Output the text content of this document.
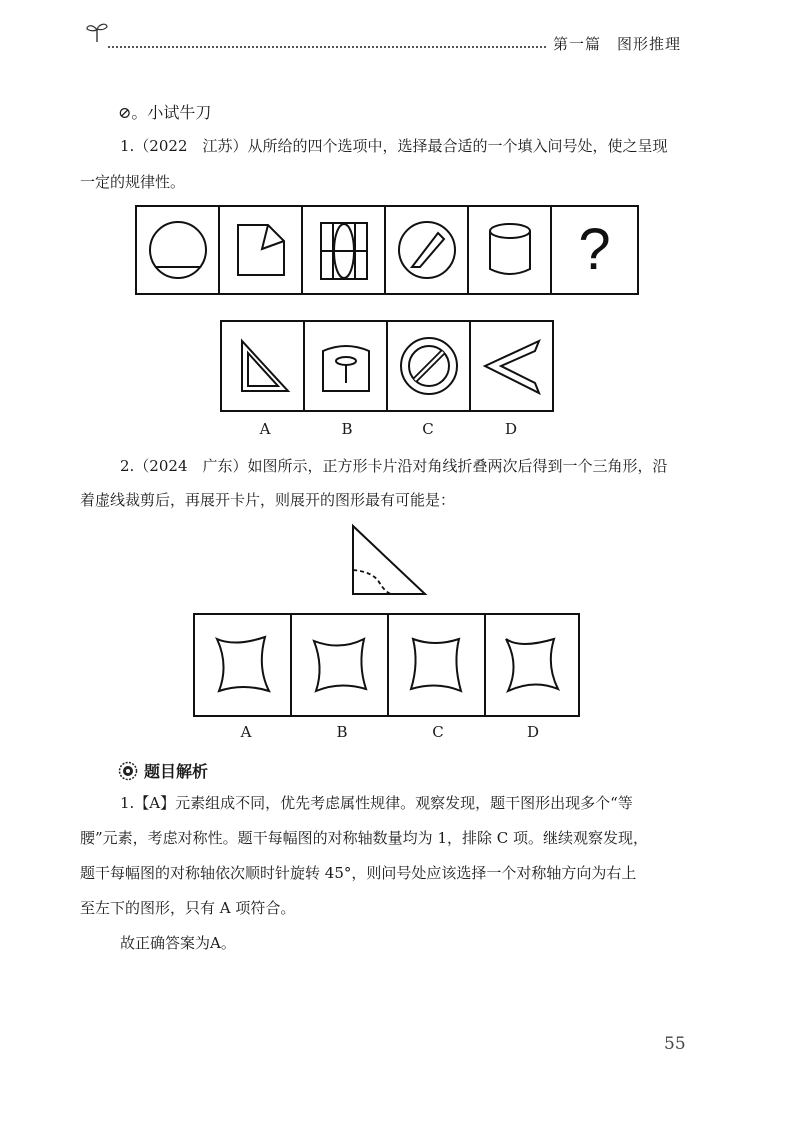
第一篇　图形推理
⊘。小试牛刀
1.（2022　江苏）从所给的四个选项中，选择最合适的一个填入问号处，使之呈现
一定的规律性。
?
A	B	C	D
2.（2024　广东）如图所示，正方形卡片沿对角线折叠两次后得到一个三角形，沿
着虚线裁剪后，再展开卡片，则展开的图形最有可能是：
A	B	C	D
题目解析
1.【A】元素组成不同，优先考虑属性规律。观察发现，题干图形出现多个“等
腰”元素，考虑对称性。题干每幅图的对称轴数量均为 1，排除 C 项。继续观察发现，
题干每幅图的对称轴依次顺时针旋转 45°，则问号处应该选择一个对称轴方向为右上
至左下的图形，只有 A 项符合。
故正确答案为A。
55
